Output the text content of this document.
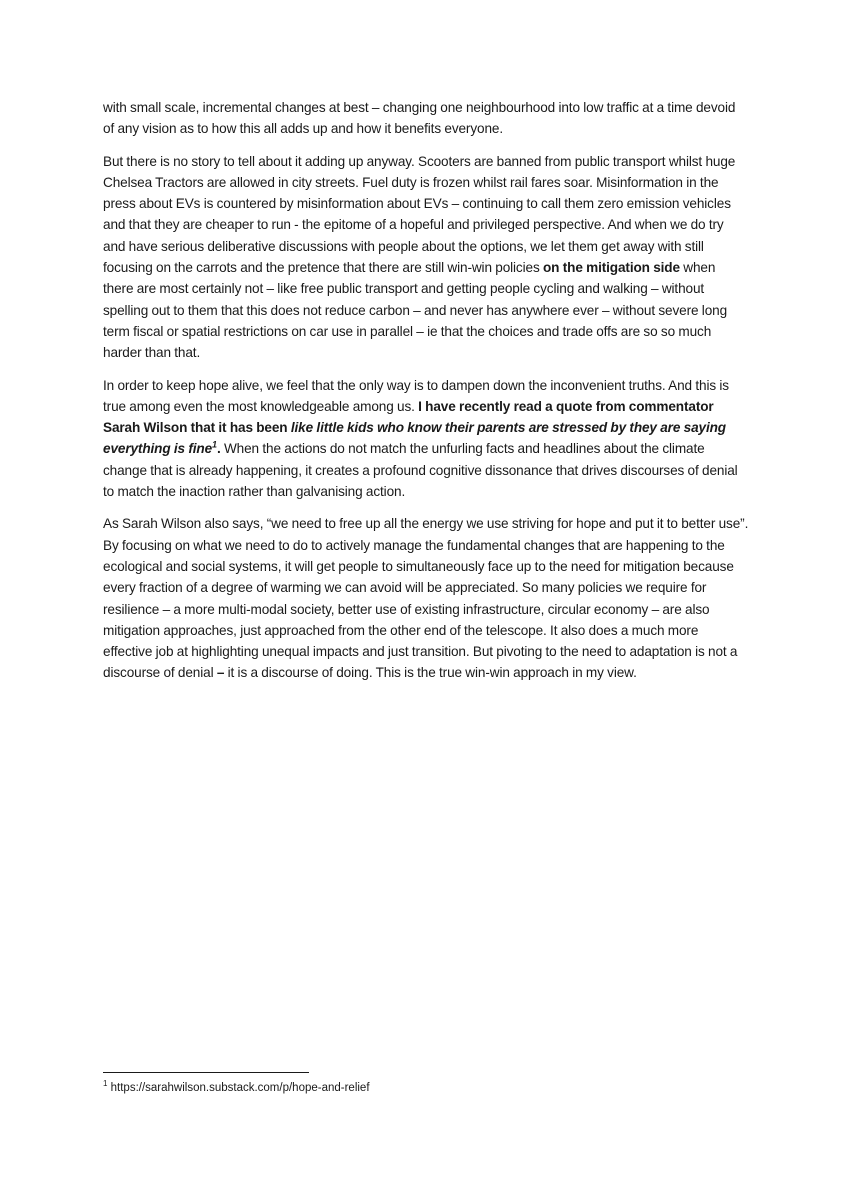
with small scale, incremental changes at best – changing one neighbourhood into low traffic at a time devoid of any vision as to how this all adds up and how it benefits everyone.

But there is no story to tell about it adding up anyway. Scooters are banned from public transport whilst huge Chelsea Tractors are allowed in city streets. Fuel duty is frozen whilst rail fares soar. Misinformation in the press about EVs is countered by misinformation about EVs – continuing to call them zero emission vehicles and that they are cheaper to run - the epitome of a hopeful and privileged perspective. And when we do try and have serious deliberative discussions with people about the options, we let them get away with still focusing on the carrots and the pretence that there are still win-win policies on the mitigation side when there are most certainly not – like free public transport and getting people cycling and walking – without spelling out to them that this does not reduce carbon – and never has anywhere ever – without severe long term fiscal or spatial restrictions on car use in parallel – ie that the choices and trade offs are so so much harder than that.

In order to keep hope alive, we feel that the only way is to dampen down the inconvenient truths. And this is true among even the most knowledgeable among us. I have recently read a quote from commentator Sarah Wilson that it has been like little kids who know their parents are stressed by they are saying everything is fine$^1$. When the actions do not match the unfurling facts and headlines about the climate change that is already happening, it creates a profound cognitive dissonance that drives discourses of denial to match the inaction rather than galvanising action.

As Sarah Wilson also says, “we need to free up all the energy we use striving for hope and put it to better use”. By focusing on what we need to do to actively manage the fundamental changes that are happening to the ecological and social systems, it will get people to simultaneously face up to the need for mitigation because every fraction of a degree of warming we can avoid will be appreciated. So many policies we require for resilience – a more multi-modal society, better use of existing infrastructure, circular economy – are also mitigation approaches, just approached from the other end of the telescope. It also does a much more effective job at highlighting unequal impacts and just transition. But pivoting to the need to adaptation is not a discourse of denial – it is a discourse of doing. This is the true win-win approach in my view.

$^1$ https://sarahwilson.substack.com/p/hope-and-relief
